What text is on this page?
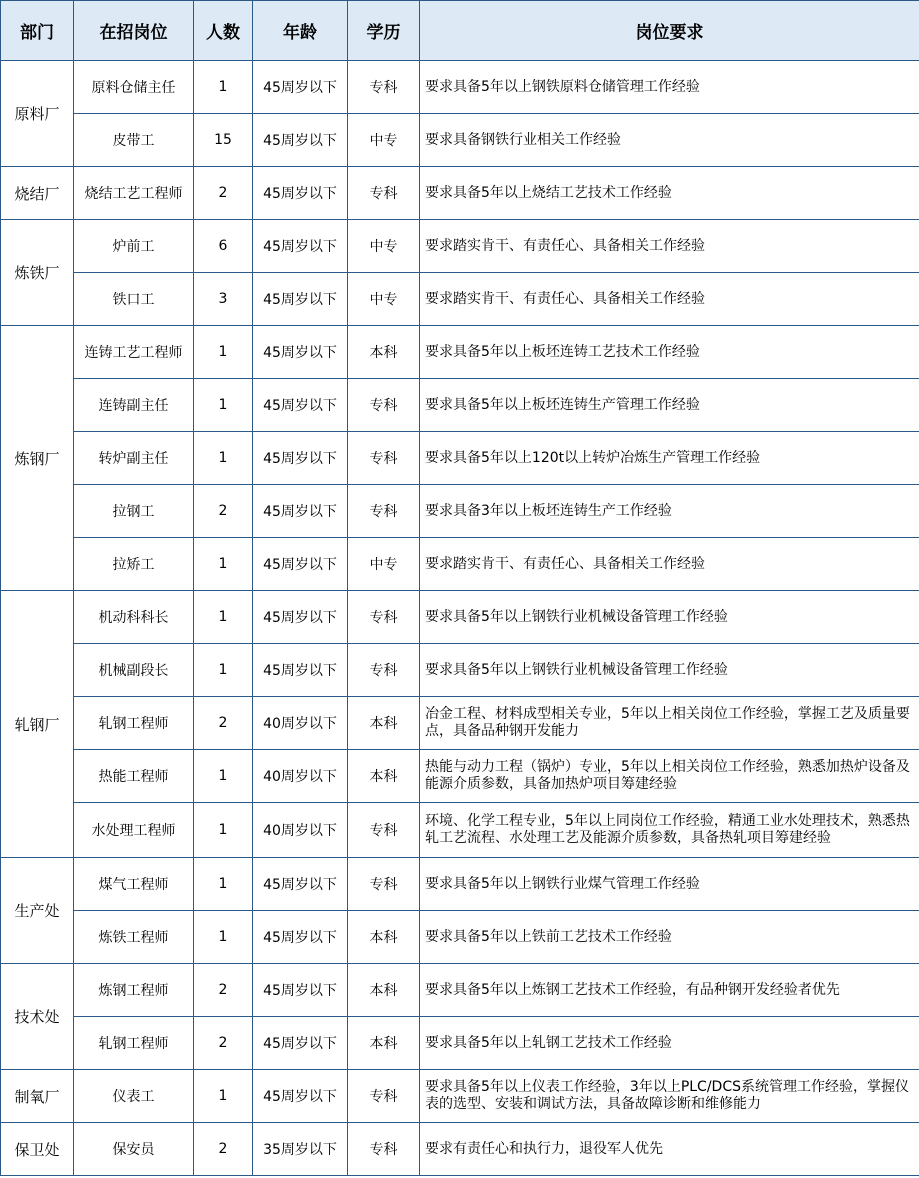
部门	在招岗位	人数	年龄	学历	岗位要求
原料厂	原料仓储主任	1	45周岁以下	专科	要求具备5年以上钢铁原料仓储管理工作经验
	皮带工	15	45周岁以下	中专	要求具备钢铁行业相关工作经验
烧结厂	烧结工艺工程师	2	45周岁以下	专科	要求具备5年以上烧结工艺技术工作经验
炼铁厂	炉前工	6	45周岁以下	中专	要求踏实肯干、有责任心、具备相关工作经验
	铁口工	3	45周岁以下	中专	要求踏实肯干、有责任心、具备相关工作经验
炼钢厂	连铸工艺工程师	1	45周岁以下	本科	要求具备5年以上板坯连铸工艺技术工作经验
	连铸副主任	1	45周岁以下	专科	要求具备5年以上板坯连铸生产管理工作经验
	转炉副主任	1	45周岁以下	专科	要求具备5年以上120t以上转炉冶炼生产管理工作经验
	拉钢工	2	45周岁以下	专科	要求具备3年以上板坯连铸生产工作经验
	拉矫工	1	45周岁以下	中专	要求踏实肯干、有责任心、具备相关工作经验
轧钢厂	机动科科长	1	45周岁以下	专科	要求具备5年以上钢铁行业机械设备管理工作经验
	机械副段长	1	45周岁以下	专科	要求具备5年以上钢铁行业机械设备管理工作经验
	轧钢工程师	2	40周岁以下	本科	冶金工程、材料成型相关专业，5年以上相关岗位工作经验，掌握工艺及质量要点，具备品种钢开发能力
	热能工程师	1	40周岁以下	本科	热能与动力工程（锅炉）专业，5年以上相关岗位工作经验，熟悉加热炉设备及能源介质参数，具备加热炉项目筹建经验
	水处理工程师	1	40周岁以下	专科	环境、化学工程专业，5年以上同岗位工作经验，精通工业水处理技术，熟悉热轧工艺流程、水处理工艺及能源介质参数，具备热轧项目筹建经验
生产处	煤气工程师	1	45周岁以下	专科	要求具备5年以上钢铁行业煤气管理工作经验
	炼铁工程师	1	45周岁以下	本科	要求具备5年以上铁前工艺技术工作经验
技术处	炼钢工程师	2	45周岁以下	本科	要求具备5年以上炼钢工艺技术工作经验，有品种钢开发经验者优先
	轧钢工程师	2	45周岁以下	本科	要求具备5年以上轧钢工艺技术工作经验
制氧厂	仪表工	1	45周岁以下	专科	要求具备5年以上仪表工作经验，3年以上PLC/DCS系统管理工作经验，掌握仪表的选型、安装和调试方法，具备故障诊断和维修能力
保卫处	保安员	2	35周岁以下	专科	要求有责任心和执行力，退役军人优先
